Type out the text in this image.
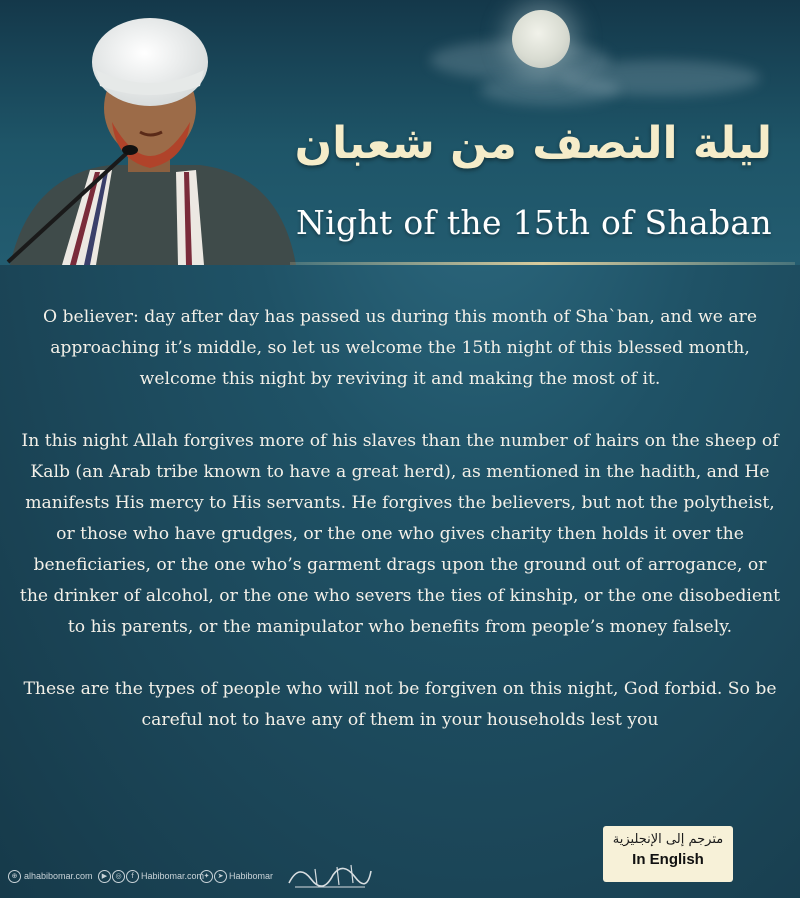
ليلة النصف من شعبان
Night of the 15th of Shaban

O believer: day after day has passed us during this month of Sha`ban, and we are approaching it’s middle, so let us welcome the 15th night of this blessed month, welcome this night by reviving it and making the most of it.

In this night Allah forgives more of his slaves than the number of hairs on the sheep of Kalb (an Arab tribe known to have a great herd), as mentioned in the hadith, and He manifests His mercy to His servants. He forgives the believers, but not the polytheist, or those who have grudges, or the one who gives charity then holds it over the beneficiaries, or the one who’s garment drags upon the ground out of arrogance, or the drinker of alcohol, or the one who severs the ties of kinship, or the one disobedient to his parents, or the manipulator who benefits from people’s money falsely.

These are the types of people who will not be forgiven on this night, God forbid. So be careful not to have any of them in your households lest you

مترجم إلى الإنجليزية
In English
⊕ alhabibomar.com	▶	◎	f Habibomar.com ✦	➤ Habibomar
